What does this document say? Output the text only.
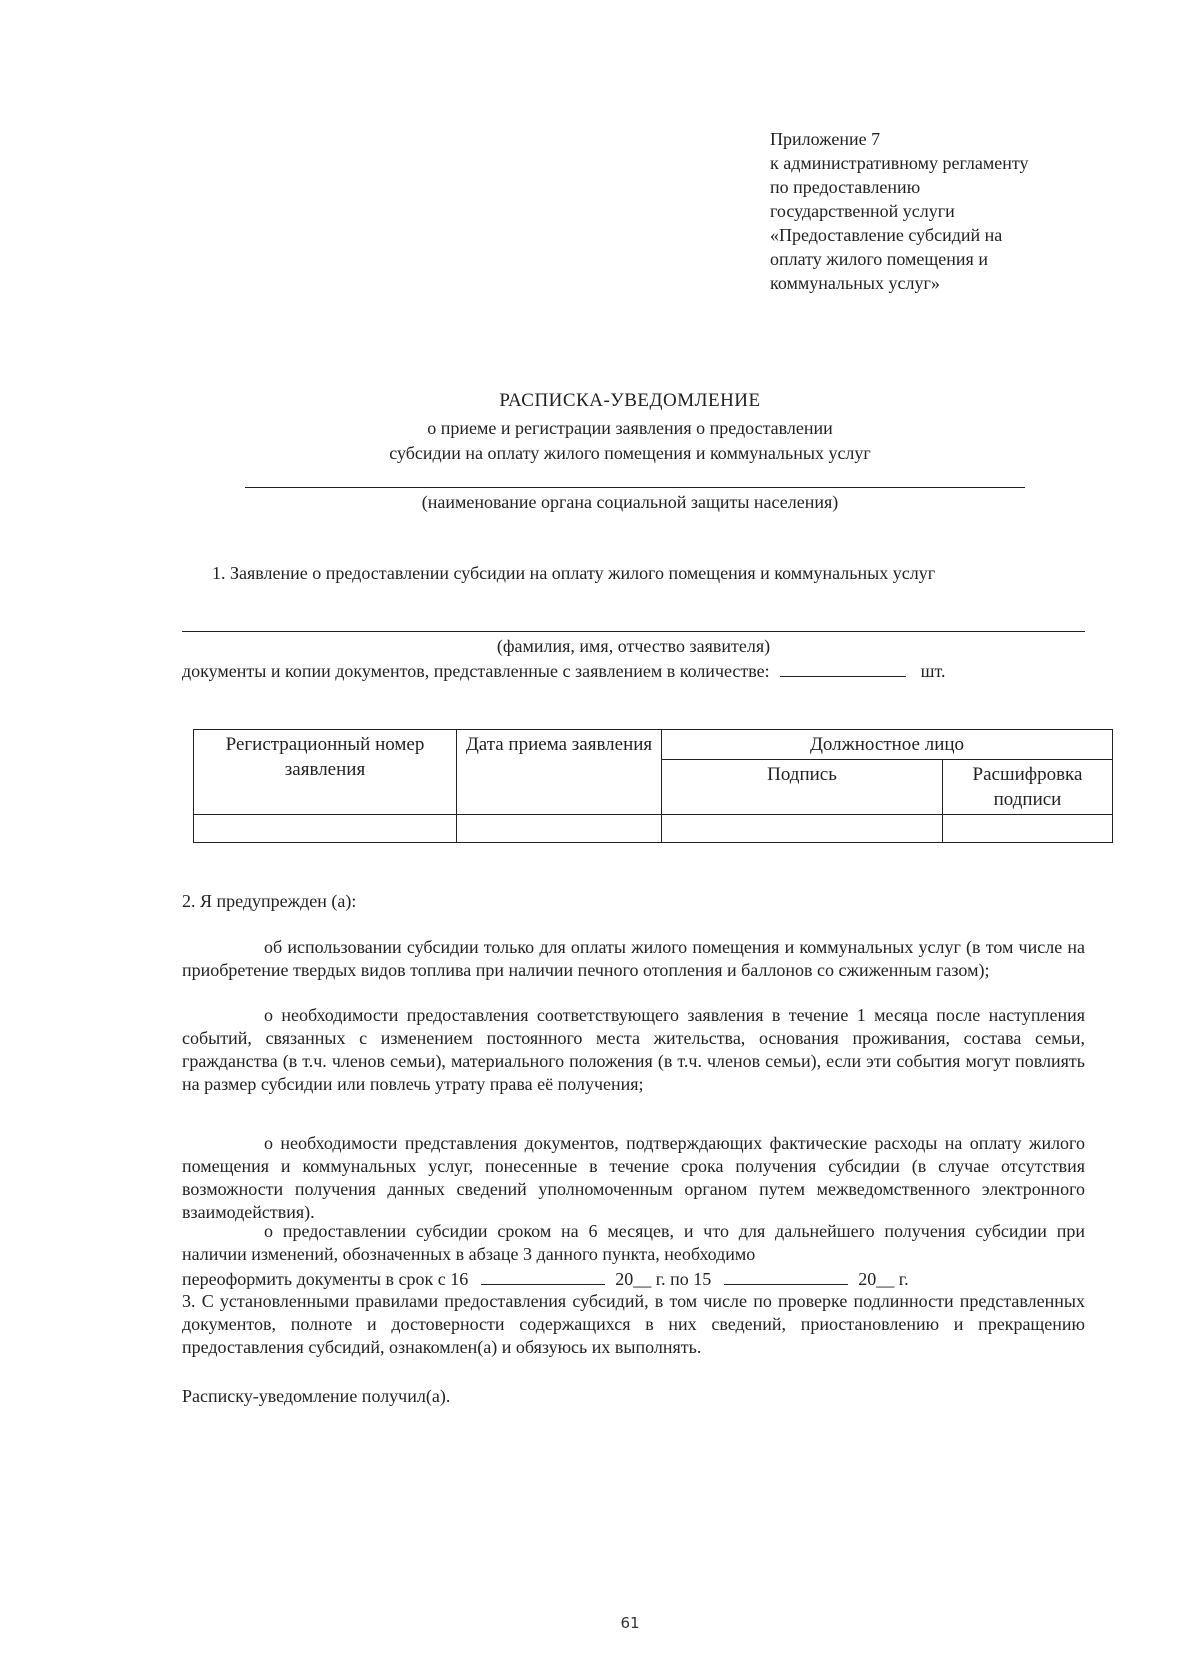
Приложение 7
к административному регламенту
по предоставлению
государственной услуги
«Предоставление субсидий на
оплату жилого помещения и
коммунальных услуг»
РАСПИСКА-УВЕДОМЛЕНИЕ
о приеме и регистрации заявления о предоставлении
субсидии на оплату жилого помещения и коммунальных услуг
(наименование органа социальной защиты населения)
1. Заявление о предоставлении субсидии на оплату жилого помещения и коммунальных услуг
(фамилия, имя, отчество заявителя)
документы и копии документов, представленные с заявлением в количестве:	шт.
Регистрационный номер заявления	Дата приема заявления	Должностное лицо	
		Подпись	Расшифровка подписи

2. Я предупрежден (а):
об использовании субсидии только для оплаты жилого помещения и коммунальных услуг (в том числе на приобретение твердых видов топлива при наличии печного отопления и баллонов со сжиженным газом);
о необходимости предоставления соответствующего заявления в течение 1 месяца после наступления событий, связанных с изменением постоянного места жительства, основания проживания, состава семьи, гражданства (в т.ч. членов семьи), материального положения (в т.ч. членов семьи), если эти события могут повлиять на размер субсидии или повлечь утрату права её получения;
о необходимости представления документов, подтверждающих фактические расходы на оплату жилого помещения и коммунальных услуг, понесенные в течение срока получения субсидии (в случае отсутствия возможности получения данных сведений уполномоченным органом путем межведомственного электронного взаимодействия).
о предоставлении субсидии сроком на 6 месяцев, и что для дальнейшего получения субсидии при наличии изменений, обозначенных в абзаце 3 данного пункта, необходимо
переоформить документы в срок с 16	20__ г. по 15	20__ г.
3. С установленными правилами предоставления субсидий, в том числе по проверке подлинности представленных документов, полноте и достоверности содержащихся в них сведений, приостановлению и прекращению предоставления субсидий, ознакомлен(а) и обязуюсь их выполнять.
Расписку-уведомление получил(а).
61
